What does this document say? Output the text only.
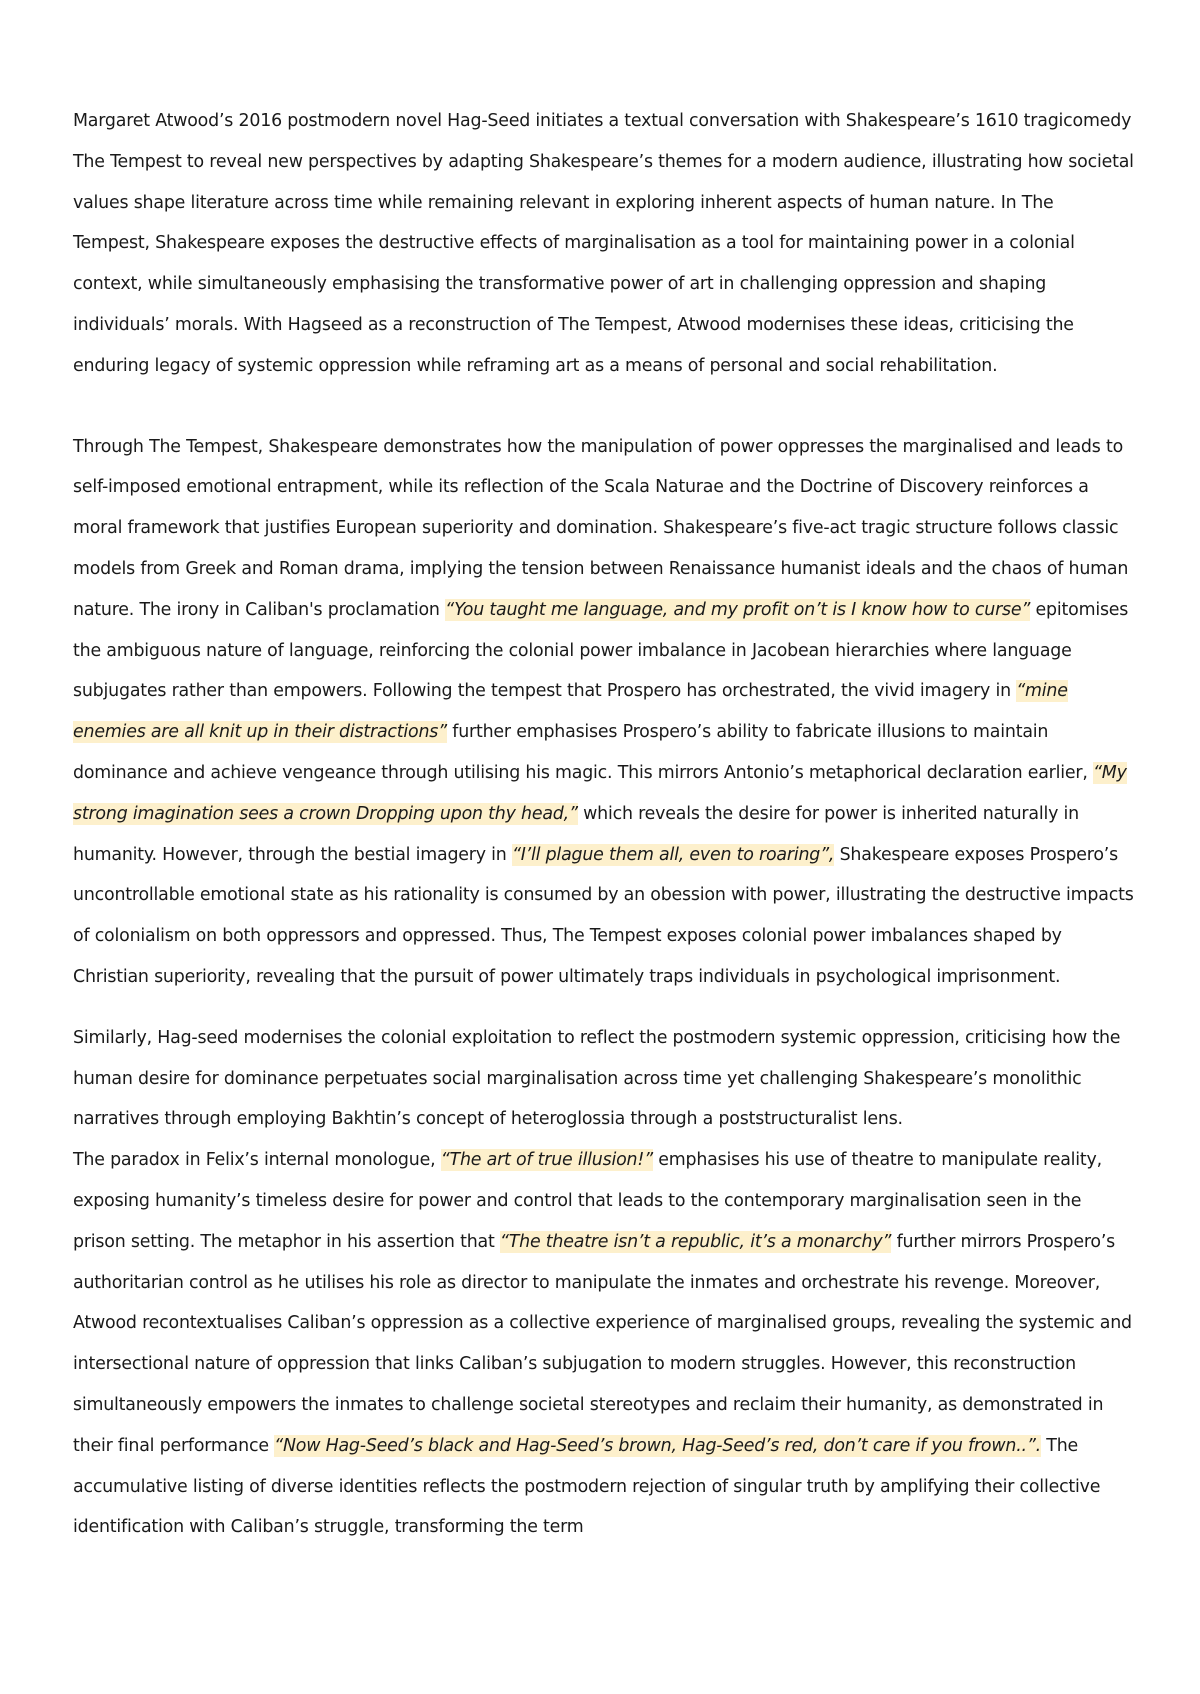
Margaret Atwood’s 2016 postmodern novel Hag-Seed initiates a textual conversation with Shakespeare’s 1610 tragicomedy The Tempest to reveal new perspectives by adapting Shakespeare’s themes for a modern audience, illustrating how societal values shape literature across time while remaining relevant in exploring inherent aspects of human nature. In The Tempest, Shakespeare exposes the destructive effects of marginalisation as a tool for maintaining power in a colonial context, while simultaneously emphasising the transformative power of art in challenging oppression and shaping individuals’ morals. With Hagseed as a reconstruction of The Tempest, Atwood modernises these ideas, criticising the enduring legacy of systemic oppression while reframing art as a means of personal and social rehabilitation.

Through The Tempest, Shakespeare demonstrates how the manipulation of power oppresses the marginalised and leads to self-imposed emotional entrapment, while its reflection of the Scala Naturae and the Doctrine of Discovery reinforces a moral framework that justifies European superiority and domination. Shakespeare’s five-act tragic structure follows classic models from Greek and Roman drama, implying the tension between Renaissance humanist ideals and the chaos of human nature. The irony in Caliban's proclamation “You taught me language, and my profit on’t is I know how to curse” epitomises the ambiguous nature of language, reinforcing the colonial power imbalance in Jacobean hierarchies where language subjugates rather than empowers. Following the tempest that Prospero has orchestrated, the vivid imagery in “mine enemies are all knit up in their distractions” further emphasises Prospero’s ability to fabricate illusions to maintain dominance and achieve vengeance through utilising his magic. This mirrors Antonio’s metaphorical declaration earlier, “My strong imagination sees a crown Dropping upon thy head,” which reveals the desire for power is inherited naturally in humanity. However, through the bestial imagery in “I’ll plague them all, even to roaring”, Shakespeare exposes Prospero’s uncontrollable emotional state as his rationality is consumed by an obession with power, illustrating the destructive impacts of colonialism on both oppressors and oppressed. Thus, The Tempest exposes colonial power imbalances shaped by Christian superiority, revealing that the pursuit of power ultimately traps individuals in psychological imprisonment.

Similarly, Hag-seed modernises the colonial exploitation to reflect the postmodern systemic oppression, criticising how the human desire for dominance perpetuates social marginalisation across time yet challenging Shakespeare’s monolithic narratives through employing Bakhtin’s concept of heteroglossia through a poststructuralist lens.

The paradox in Felix’s internal monologue, “The art of true illusion!” emphasises his use of theatre to manipulate reality, exposing humanity’s timeless desire for power and control that leads to the contemporary marginalisation seen in the prison setting. The metaphor in his assertion that “The theatre isn’t a republic, it’s a monarchy” further mirrors Prospero’s authoritarian control as he utilises his role as director to manipulate the inmates and orchestrate his revenge. Moreover, Atwood recontextualises Caliban’s oppression as a collective experience of marginalised groups, revealing the systemic and intersectional nature of oppression that links Caliban’s subjugation to modern struggles. However, this reconstruction simultaneously empowers the inmates to challenge societal stereotypes and reclaim their humanity, as demonstrated in their final performance “Now Hag-Seed’s black and Hag-Seed’s brown, Hag-Seed’s red, don’t care if you frown..”. The accumulative listing of diverse identities reflects the postmodern rejection of singular truth by amplifying their collective identification with Caliban’s struggle, transforming the term
